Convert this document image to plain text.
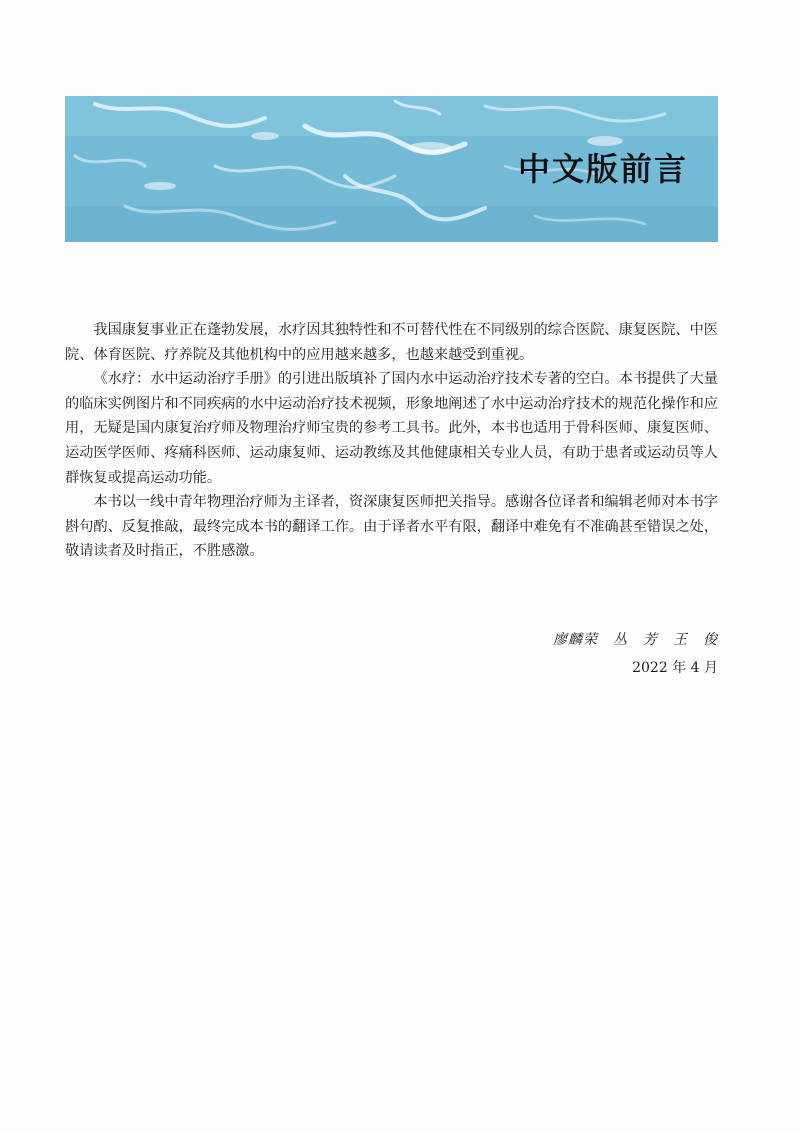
中文版前言

我国康复事业正在蓬勃发展，水疗因其独特性和不可替代性在不同级别的综合医院、康复医院、中医院、体育医院、疗养院及其他机构中的应用越来越多，也越来越受到重视。

《水疗：水中运动治疗手册》的引进出版填补了国内水中运动治疗技术专著的空白。本书提供了大量的临床实例图片和不同疾病的水中运动治疗技术视频，形象地阐述了水中运动治疗技术的规范化操作和应用，无疑是国内康复治疗师及物理治疗师宝贵的参考工具书。此外，本书也适用于骨科医师、康复医师、运动医学医师、疼痛科医师、运动康复师、运动教练及其他健康相关专业人员，有助于患者或运动员等人群恢复或提高运动功能。

本书以一线中青年物理治疗师为主译者，资深康复医师把关指导。感谢各位译者和编辑老师对本书字斟句酌、反复推敲，最终完成本书的翻译工作。由于译者水平有限，翻译中难免有不准确甚至错误之处，敬请读者及时指正，不胜感激。

廖麟荣　丛　芳　王　俊
2022 年 4 月
